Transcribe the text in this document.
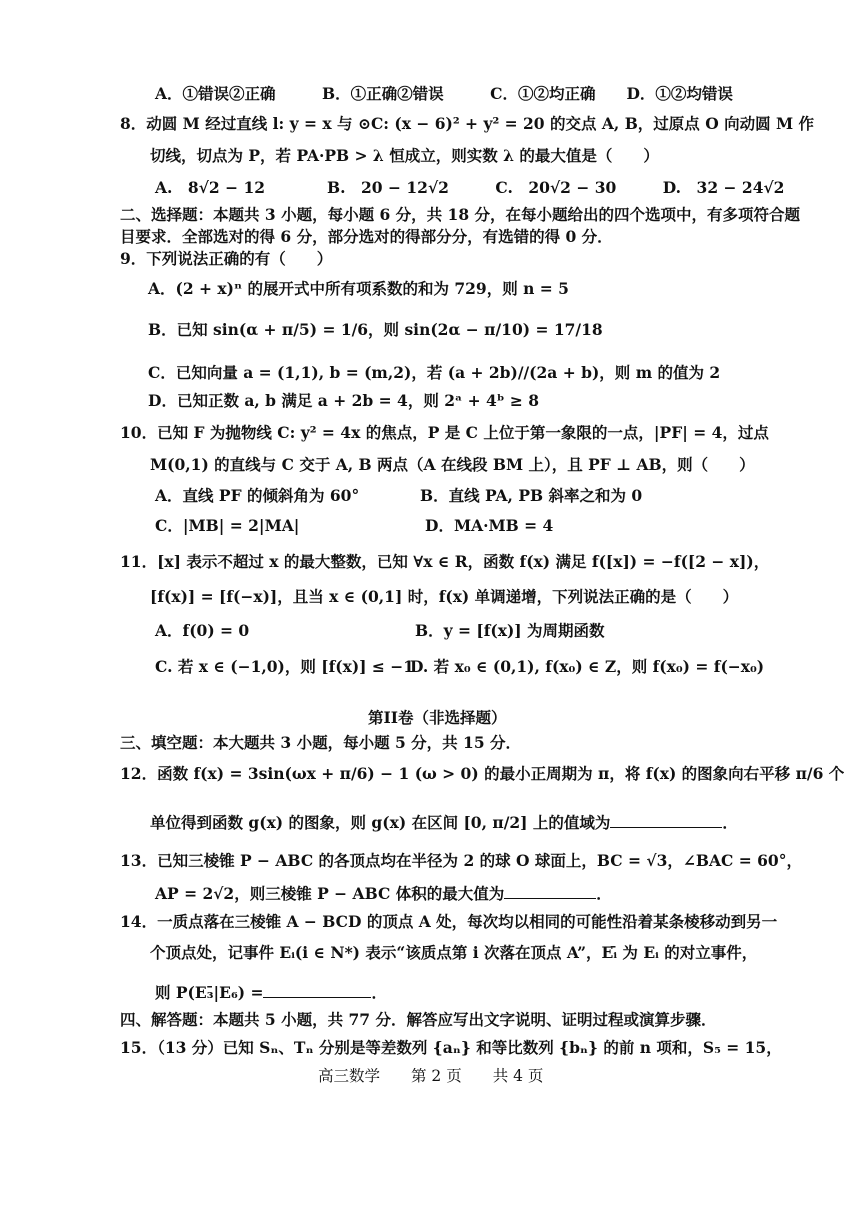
A．①错误②正确　　　B．①正确②错误　　　C．①②均正确　　D．①②均错误
8．动圆 M 经过直线 l: y = x 与 ⊙C: (x − 6)² + y² = 20 的交点 A, B，过原点 O 向动圆 M 作
切线，切点为 P，若 PA·PB > λ 恒成立，则实数 λ 的最大值是（　　）
A.　8√2 − 12　　　　B.　20 − 12√2　　　C.　20√2 − 30　　　D.　32 − 24√2
二、选择题：本题共 3 小题，每小题 6 分，共 18 分，在每小题给出的四个选项中，有多项符合题
目要求．全部选对的得 6 分，部分选对的得部分分，有选错的得 0 分．
9．下列说法正确的有（　　）
A．(2 + x)ⁿ 的展开式中所有项系数的和为 729，则 n = 5
B．已知 sin(α + π/5) = 1/6，则 sin(2α − π/10) = 17/18
C．已知向量 a = (1,1), b = (m,2)，若 (a + 2b)//(2a + b)，则 m 的值为 2
D．已知正数 a, b 满足 a + 2b = 4，则 2ᵃ + 4ᵇ ≥ 8
10．已知 F 为抛物线 C: y² = 4x 的焦点，P 是 C 上位于第一象限的一点，|PF| = 4，过点
M(0,1) 的直线与 C 交于 A, B 两点（A 在线段 BM 上），且 PF ⊥ AB，则（　　）
A．直线 PF 的倾斜角为 60°	B．直线 PA, PB 斜率之和为 0
C．|MB| = 2|MA|	D．MA·MB = 4
11．[x] 表示不超过 x 的最大整数，已知 ∀x ∈ R，函数 f(x) 满足 f([x]) = −f([2 − x])，
[f(x)] = [f(−x)]，且当 x ∈ (0,1] 时，f(x) 单调递增，下列说法正确的是（　　）
A．f(0) = 0	B．y = [f(x)] 为周期函数
C. 若 x ∈ (−1,0)，则 [f(x)] ≤ −1
D. 若 x₀ ∈ (0,1), f(x₀) ∈ Z，则 f(x₀) = f(−x₀)
第II卷（非选择题）
三、填空题：本大题共 3 小题，每小题 5 分，共 15 分．
12．函数 f(x) = 3sin(ωx + π/6) − 1 (ω > 0) 的最小正周期为 π，将 f(x) 的图象向右平移 π/6 个
单位得到函数 g(x) 的图象，则 g(x) 在区间 [0, π/2] 上的值域为	．
13．已知三棱锥 P − ABC 的各顶点均在半径为 2 的球 O 球面上，BC = √3，∠BAC = 60°，
AP = 2√2，则三棱锥 P − ABC 体积的最大值为	．
14．一质点落在三棱锥 A − BCD 的顶点 A 处，每次均以相同的可能性沿着某条棱移动到另一
个顶点处，记事件 Eᵢ(i ∈ N*) 表示“该质点第 i 次落在顶点 A”，Eᵢ̄ 为 Eᵢ 的对立事件，
则 P(E₃̄|E₆) =	．
四、解答题：本题共 5 小题，共 77 分．解答应写出文字说明、证明过程或演算步骤．
15．（13 分）已知 Sₙ、Tₙ 分别是等差数列 {aₙ} 和等比数列 {bₙ} 的前 n 项和，S₅ = 15，
高三数学　　第 2 页　　共 4 页
